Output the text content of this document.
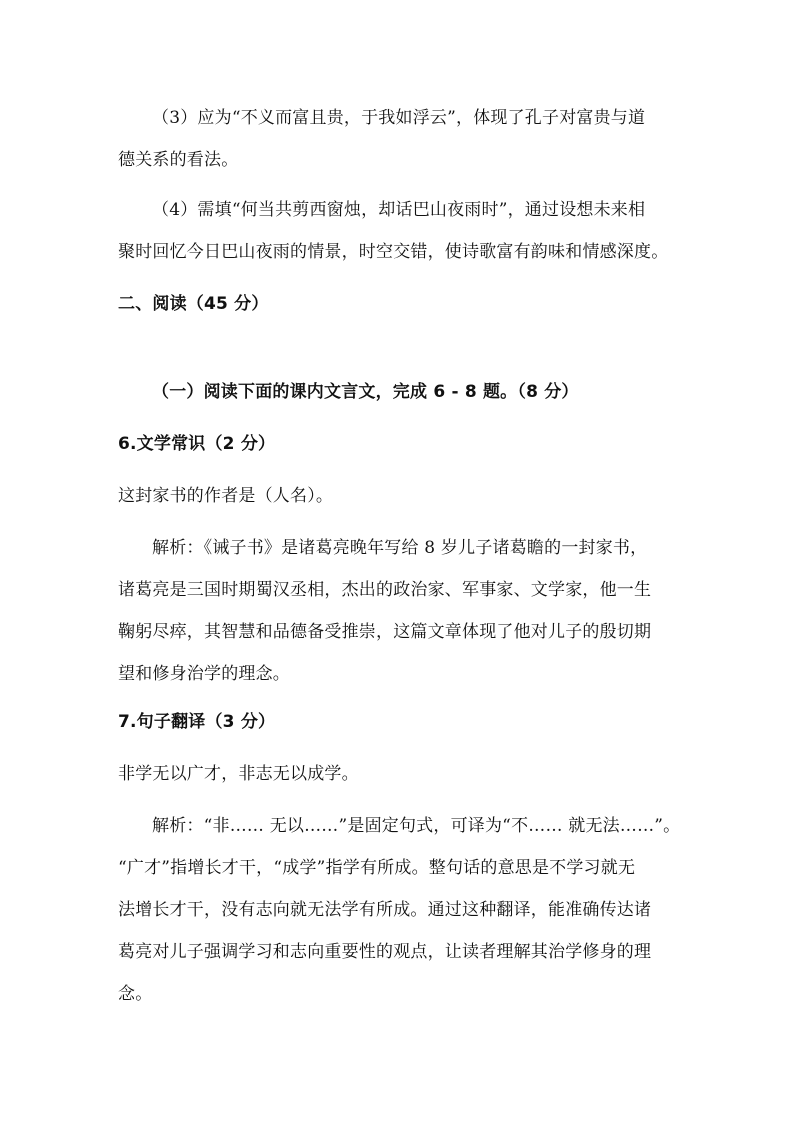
（3）应为“不义而富且贵，于我如浮云”，体现了孔子对富贵与道
德关系的看法。
（4）需填“何当共剪西窗烛，却话巴山夜雨时”，通过设想未来相
聚时回忆今日巴山夜雨的情景，时空交错，使诗歌富有韵味和情感深度。
二、阅读（45 分）
（一）阅读下面的课内文言文，完成 6 - 8 题。（8 分）
6.文学常识（2 分）
这封家书的作者是（人名）。
解析：《诫子书》是诸葛亮晚年写给 8 岁儿子诸葛瞻的一封家书，
诸葛亮是三国时期蜀汉丞相，杰出的政治家、军事家、文学家，他一生
鞠躬尽瘁，其智慧和品德备受推崇，这篇文章体现了他对儿子的殷切期
望和修身治学的理念。
7.句子翻译（3 分）
非学无以广才，非志无以成学。
解析：“非…… 无以……”是固定句式，可译为“不…… 就无法……”。
“广才”指增长才干，“成学”指学有所成。整句话的意思是不学习就无
法增长才干，没有志向就无法学有所成。通过这种翻译，能准确传达诸
葛亮对儿子强调学习和志向重要性的观点，让读者理解其治学修身的理
念。
